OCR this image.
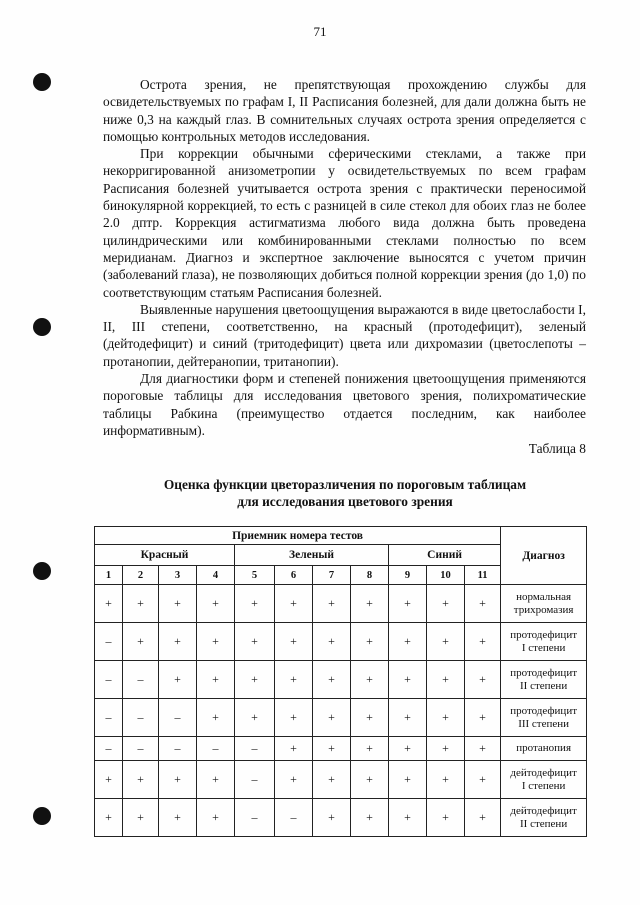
71

Острота зрения, не препятствующая прохождению службы для освидетельствуемых по графам I, II Расписания болезней, для дали должна быть не ниже 0,3 на каждый глаз. В сомнительных случаях острота зрения определяется с помощью контрольных методов исследования.

При коррекции обычными сферическими стеклами, а также при некорригированной анизометропии у освидетельствуемых по всем графам Расписания болезней учитывается острота зрения с практически переносимой бинокулярной коррекцией, то есть с разницей в силе стекол для обоих глаз не более 2.0 дптр. Коррекция астигматизма любого вида должна быть проведена цилиндрическими или комбинированными стеклами полностью по всем меридианам. Диагноз и экспертное заключение выносятся с учетом причин (заболеваний глаза), не позволяющих добиться полной коррекции зрения (до 1,0) по соответствующим статьям Расписания болезней.

Выявленные нарушения цветоощущения выражаются в виде цветослабости I, II, III степени, соответственно, на красный (протодефицит), зеленый (дейтодефицит) и синий (тритодефицит) цвета или дихромазии (цветослепоты – протанопии, дейтеранопии, тританопии).

Для диагностики форм и степеней понижения цветоощущения применяются пороговые таблицы для исследования цветового зрения, полихроматические таблицы Рабкина (преимущество отдается последним, как наиболее информативным).

Таблица 8
Оценка функции цветоразличения по пороговым таблицам
для исследования цветового зрения
Приемник номера тестов											Диагноз
Красный				Зеленый				Синий			
1	2	3	4	5	6	7	8	9	10	11	
+	+	+	+	+	+	+	+	+	+	+	нормальная
трихромазия

–	+	+	+	+	+	+	+	+	+	+	протодефицит
I степени

–	–	+	+	+	+	+	+	+	+	+	протодефицит
II степени

–	–	–	+	+	+	+	+	+	+	+	протодефицит
III степени

–	–	–	–	–	+	+	+	+	+	+	протанопия

+	+	+	+	–	+	+	+	+	+	+	дейтодефицит
I степени

+	+	+	+	–	–	+	+	+	+	+	дейтодефицит
II степени
